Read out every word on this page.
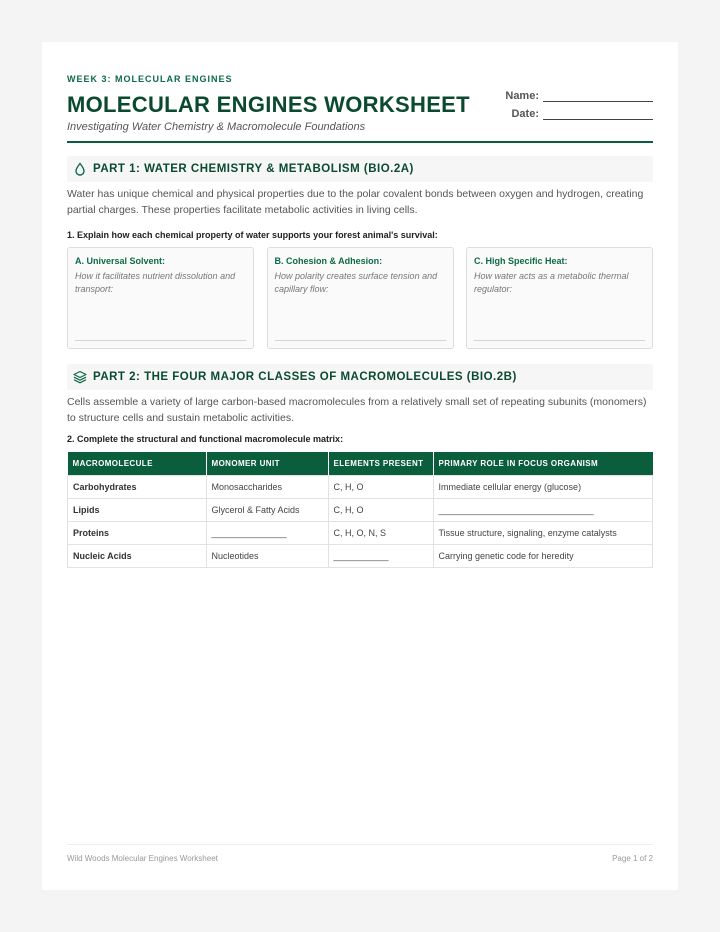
WEEK 3: MOLECULAR ENGINES
MOLECULAR ENGINES WORKSHEET
Investigating Water Chemistry & Macromolecule Foundations
Name:
Date:
PART 1: WATER CHEMISTRY & METABOLISM (BIO.2A)
Water has unique chemical and physical properties due to the polar covalent bonds between oxygen and hydrogen, creating partial charges. These properties facilitate metabolic activities in living cells.
1. Explain how each chemical property of water supports your forest animal's survival:
A. Universal Solvent:
How it facilitates nutrient dissolution and transport:
B. Cohesion & Adhesion:
How polarity creates surface tension and capillary flow:
C. High Specific Heat:
How water acts as a metabolic thermal regulator:
PART 2: THE FOUR MAJOR CLASSES OF MACROMOLECULES (BIO.2B)
Cells assemble a variety of large carbon-based macromolecules from a relatively small set of repeating subunits (monomers) to structure cells and sustain metabolic activities.
2. Complete the structural and functional macromolecule matrix:
MACROMOLECULE	MONOMER UNIT	ELEMENTS PRESENT	PRIMARY ROLE IN FOCUS ORGANISM
Carbohydrates	Monosaccharides	C, H, O	Immediate cellular energy (glucose)
Lipids	Glycerol & Fatty Acids	C, H, O	_______________________________
Proteins	_______________	C, H, O, N, S	Tissue structure, signaling, enzyme catalysts
Nucleic Acids	Nucleotides	___________	Carrying genetic code for heredity
Wild Woods Molecular Engines Worksheet	Page 1 of 2
